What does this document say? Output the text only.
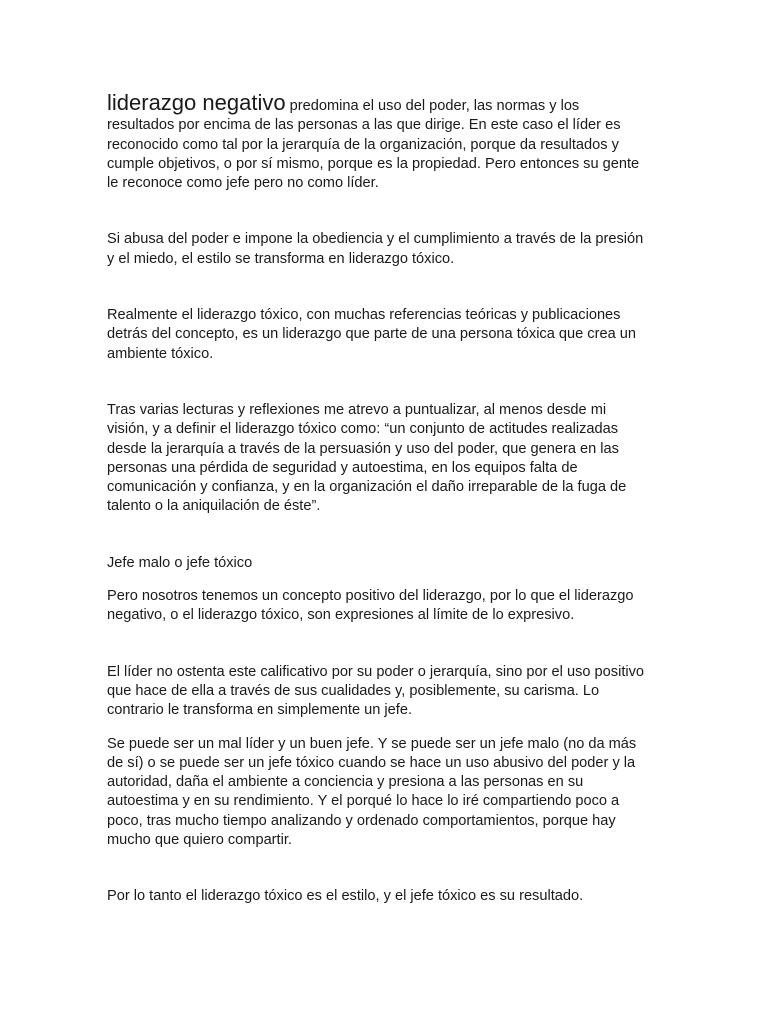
liderazgo negativo predomina el uso del poder, las normas y los resultados por encima de las personas a las que dirige. En este caso el líder es reconocido como tal por la jerarquía de la organización, porque da resultados y cumple objetivos, o por sí mismo, porque es la propiedad. Pero entonces su gente le reconoce como jefe pero no como líder.

Si abusa del poder e impone la obediencia y el cumplimiento a través de la presión y el miedo, el estilo se transforma en liderazgo tóxico.

Realmente el liderazgo tóxico, con muchas referencias teóricas y publicaciones detrás del concepto, es un liderazgo que parte de una persona tóxica que crea un ambiente tóxico.

Tras varias lecturas y reflexiones me atrevo a puntualizar, al menos desde mi visión, y a definir el liderazgo tóxico como: “un conjunto de actitudes realizadas desde la jerarquía a través de la persuasión y uso del poder, que genera en las personas una pérdida de seguridad y autoestima, en los equipos falta de comunicación y confianza, y en la organización el daño irreparable de la fuga de talento o la aniquilación de éste”.

Jefe malo o jefe tóxico

Pero nosotros tenemos un concepto positivo del liderazgo, por lo que el liderazgo negativo, o el liderazgo tóxico, son expresiones al límite de lo expresivo.

El líder no ostenta este calificativo por su poder o jerarquía, sino por el uso positivo que hace de ella a través de sus cualidades y, posiblemente, su carisma. Lo contrario le transforma en simplemente un jefe.

Se puede ser un mal líder y un buen jefe. Y se puede ser un jefe malo (no da más de sí) o se puede ser un jefe tóxico cuando se hace un uso abusivo del poder y la autoridad, daña el ambiente a conciencia y presiona a las personas en su autoestima y en su rendimiento. Y el porqué lo hace lo iré compartiendo poco a poco, tras mucho tiempo analizando y ordenado comportamientos, porque hay mucho que quiero compartir.

Por lo tanto el liderazgo tóxico es el estilo, y el jefe tóxico es su resultado.
